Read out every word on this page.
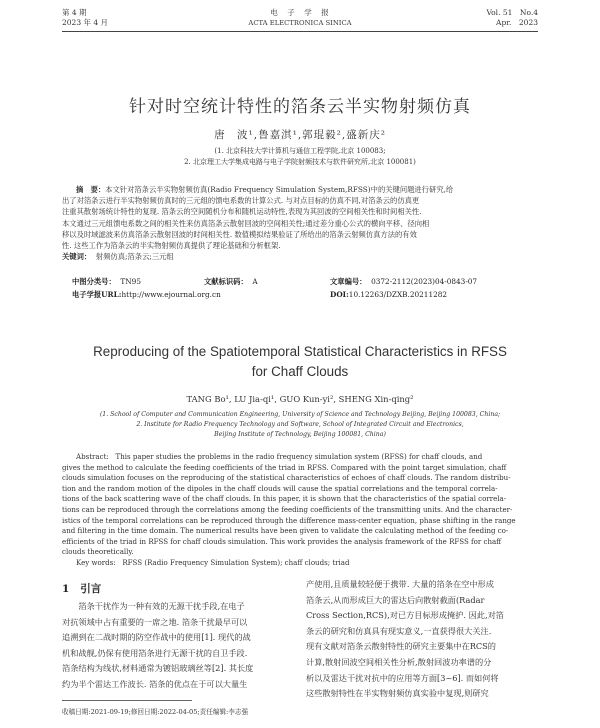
第 4 期
2023 年 4 月
电　子　学　报
ACTA ELECTRONICA SINICA
Vol. 51　No.4
Apr.　2023
针对时空统计特性的箔条云半实物射频仿真
唐　波¹,鲁嘉淇¹,郭琨毅²,盛新庆²
(1. 北京科技大学计算机与通信工程学院,北京 100083;
2. 北京理工大学集成电路与电子学院射频技术与软件研究所,北京 100081)
摘　要：本文针对箔条云半实物射频仿真(Radio Frequency Simulation System,RFSS)中的关键问题进行研究,给
出了对箔条云进行半实物射频仿真时的三元组的馈电系数的计算公式. 与对点目标的仿真不同,对箔条云的仿真更
注重其散射场统计特性的复现. 箔条云的空间随机分布和随机运动特性,表现为其回波的空间相关性和时间相关性.
本文通过三元组馈电系数之间的相关性来仿真箔条云散射回波的空间相关性;通过差分重心公式的横向平移、径向相
移以及时域滤波来仿真箔条云散射回波的时间相关性. 数值模拟结果验证了所给出的箔条云射频仿真方法的有效
性. 这些工作为箔条云的半实物射频仿真提供了理论基础和分析框架.
关键词： 射频仿真;箔条云;三元组
中图分类号： TN95	文献标识码： A	文章编号： 0372-2112(2023)04-0843-07
电子学报URL:http://www.ejournal.org.cn	DOI:10.12263/DZXB.20211282
Reproducing of the Spatiotemporal Statistical Characteristics in RFSS
for Chaff Clouds
TANG Bo¹, LU Jia-qi¹, GUO Kun-yi², SHENG Xin-qing²
(1. School of Computer and Communication Engineering, University of Science and Technology Beijing, Beijing 100083, China;
2. Institute for Radio Frequency Technology and Software, School of Integrated Circuit and Electronics,
Beijing Institute of Technology, Beijing 100081, China)
Abstract: This paper studies the problems in the radio frequency simulation system (RFSS) for chaff clouds, and
gives the method to calculate the feeding coefficients of the triad in RFSS. Compared with the point target simulation, chaff
clouds simulation focuses on the reproducing of the statistical characteristics of echoes of chaff clouds. The random distribu-
tion and the random motion of the dipoles in the chaff clouds will cause the spatial correlations and the temporal correla-
tions of the back scattering wave of the chaff clouds. In this paper, it is shown that the characteristics of the spatial correla-
tions can be reproduced through the correlations among the feeding coefficients of the transmitting units. And the character-
istics of the temporal correlations can be reproduced through the difference mass-center equation, phase shifting in the range
and filtering in the time domain. The numerical results have been given to validate the calculating method of the feeding co-
efficients of the triad in RFSS for chaff clouds simulation. This work provides the analysis framework of the RFSS for chaff
clouds theoretically.
Key words: RFSS (Radio Frequency Simulation System); chaff clouds; triad
1 引言
　　箔条干扰作为一种有效的无源干扰手段,在电子
对抗领域中占有重要的一席之地. 箔条干扰最早可以
追溯到在二战时期的防空作战中的使用[1]. 现代的战
机和战舰,仍保有使用箔条进行无源干扰的自卫手段.
箔条结构为线状,材料通常为镀铝玻璃丝等[2]. 其长度
约为半个雷达工作波长. 箔条的优点在于可以大量生
产使用,且质量较轻便于携带. 大量的箔条在空中形成
箔条云,从而形成巨大的雷达后向散射截面(Radar
Cross Section,RCS),对已方目标形成掩护. 因此,对箔
条云的研究和仿真具有现实意义,一直获得很大关注.
现有文献对箔条云散射特性的研究主要集中在RCS的
计算,散射回波空间相关性分析,散射回波功率谱的分
析以及雷达干扰对抗中的应用等方面[3~6]. 而如何将
这些散射特性在半实物射频仿真实验中复现,则研究
收稿日期:2021-09-19;修回日期:2022-04-05;责任编辑:李志强
